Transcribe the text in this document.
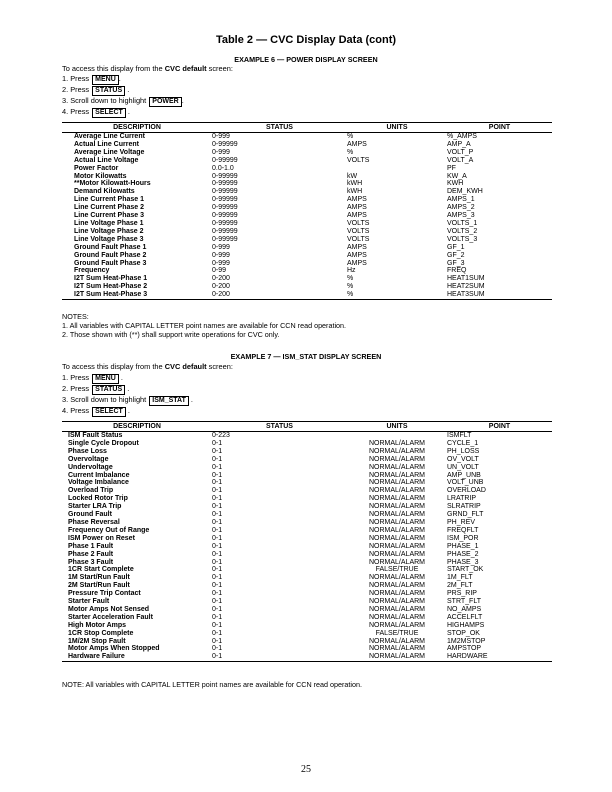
Table 2 — CVC Display Data (cont)
EXAMPLE 6 — POWER DISPLAY SCREEN
To access this display from the CVC default screen:
1. Press MENU .
2. Press STATUS .
3. Scroll down to highlight POWER .
4. Press SELECT .
DESCRIPTION	STATUS	UNITS	POINT
Average Line Current	0-999	%	%_AMPS
Actual Line Current	0-99999	AMPS	AMP_A
Average Line Voltage	0-999	%	VOLT_P
Actual Line Voltage	0-99999	VOLTS	VOLT_A
Power Factor	0.0-1.0		PF
Motor Kilowatts	0-99999	kW	KW_A
**Motor Kilowatt-Hours	0-99999	kWH	KWH
Demand Kilowatts	0-99999	kWH	DEM_KWH
Line Current Phase 1	0-99999	AMPS	AMPS_1
Line Current Phase 2	0-99999	AMPS	AMPS_2
Line Current Phase 3	0-99999	AMPS	AMPS_3
Line Voltage Phase 1	0-99999	VOLTS	VOLTS_1
Line Voltage Phase 2	0-99999	VOLTS	VOLTS_2
Line Voltage Phase 3	0-99999	VOLTS	VOLTS_3
Ground Fault Phase 1	0-999	AMPS	GF_1
Ground Fault Phase 2	0-999	AMPS	GF_2
Ground Fault Phase 3	0-999	AMPS	GF_3
Frequency	0-99	Hz	FREQ
I2T Sum Heat-Phase 1	0-200	%	HEAT1SUM
I2T Sum Heat-Phase 2	0-200	%	HEAT2SUM
I2T Sum Heat-Phase 3	0-200	%	HEAT3SUM
NOTES:
1. All variables with CAPITAL LETTER point names are available for CCN read operation.
2. Those shown with (**) shall support write operations for CVC only.
EXAMPLE 7 — ISM_STAT DISPLAY SCREEN
To access this display from the CVC default screen:
1. Press MENU .
2. Press STATUS .
3. Scroll down to highlight ISM_STAT .
4. Press SELECT .
DESCRIPTION	STATUS	UNITS	POINT
ISM Fault Status	0-223		ISMFLT
Single Cycle Dropout	0-1	NORMAL/ALARM	CYCLE_1
Phase Loss	0-1	NORMAL/ALARM	PH_LOSS
Overvoltage	0-1	NORMAL/ALARM	OV_VOLT
Undervoltage	0-1	NORMAL/ALARM	UN_VOLT
Current Imbalance	0-1	NORMAL/ALARM	AMP_UNB
Voltage Imbalance	0-1	NORMAL/ALARM	VOLT_UNB
Overload Trip	0-1	NORMAL/ALARM	OVERLOAD
Locked Rotor Trip	0-1	NORMAL/ALARM	LRATRIP
Starter LRA Trip	0-1	NORMAL/ALARM	SLRATRIP
Ground Fault	0-1	NORMAL/ALARM	GRND_FLT
Phase Reversal	0-1	NORMAL/ALARM	PH_REV
Frequency Out of Range	0-1	NORMAL/ALARM	FREQFLT
ISM Power on Reset	0-1	NORMAL/ALARM	ISM_POR
Phase 1 Fault	0-1	NORMAL/ALARM	PHASE_1
Phase 2 Fault	0-1	NORMAL/ALARM	PHASE_2
Phase 3 Fault	0-1	NORMAL/ALARM	PHASE_3
1CR Start Complete	0-1	FALSE/TRUE	START_OK
1M Start/Run Fault	0-1	NORMAL/ALARM	1M_FLT
2M Start/Run Fault	0-1	NORMAL/ALARM	2M_FLT
Pressure Trip Contact	0-1	NORMAL/ALARM	PRS_RIP
Starter Fault	0-1	NORMAL/ALARM	STRT_FLT
Motor Amps Not Sensed	0-1	NORMAL/ALARM	NO_AMPS
Starter Acceleration Fault	0-1	NORMAL/ALARM	ACCELFLT
High Motor Amps	0-1	NORMAL/ALARM	HIGHAMPS
1CR Stop Complete	0-1	FALSE/TRUE	STOP_OK
1M/2M Stop Fault	0-1	NORMAL/ALARM	1M2MSTOP
Motor Amps When Stopped	0-1	NORMAL/ALARM	AMPSTOP
Hardware Failure	0-1	NORMAL/ALARM	HARDWARE
NOTE: All variables with CAPITAL LETTER point names are available for CCN read operation.
25
